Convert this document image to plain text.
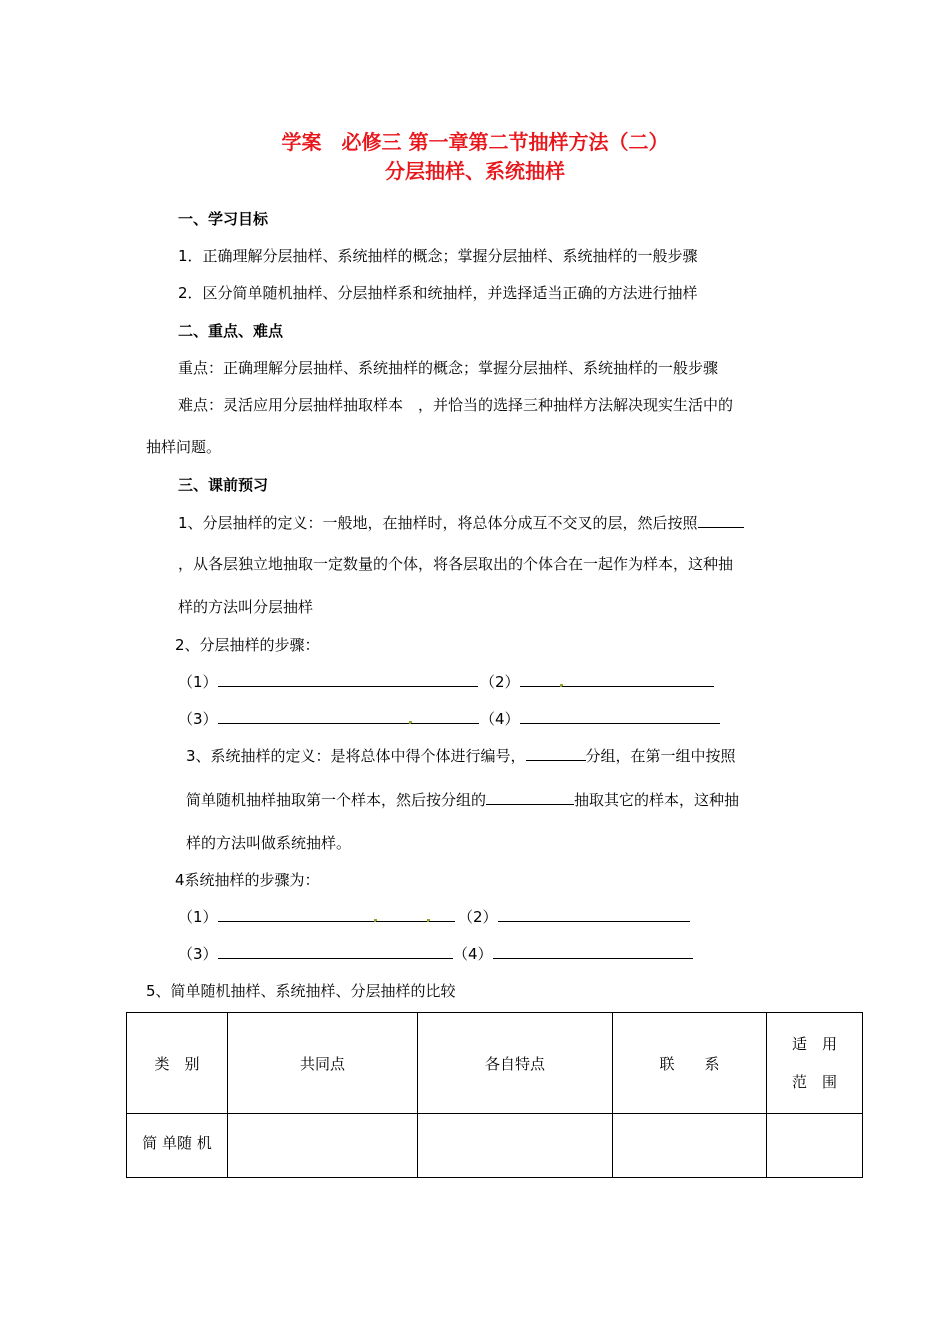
学案　必修三 第一章第二节抽样方法（二）
分层抽样、系统抽样
一、学习目标
1．正确理解分层抽样、系统抽样的概念；掌握分层抽样、系统抽样的一般步骤
2．区分简单随机抽样、分层抽样系和统抽样，并选择适当正确的方法进行抽样
二、重点、难点
重点：正确理解分层抽样、系统抽样的概念；掌握分层抽样、系统抽样的一般步骤
难点：灵活应用分层抽样抽取样本　，并恰当的选择三种抽样方法解决现实生活中的
抽样问题。
三、课前预习
1、分层抽样的定义：一般地，在抽样时，将总体分成互不交叉的层，然后按照
，从各层独立地抽取一定数量的个体，将各层取出的个体合在一起作为样本，这种抽
样的方法叫分层抽样
2、分层抽样的步骤：
（1）	（2）
（3）	（4）
3、系统抽样的定义：是将总体中得个体进行编号，	分组，在第一组中按照
简单随机抽样抽取第一个样本，然后按分组的	抽取其它的样本，这种抽
样的方法叫做系统抽样。
4系统抽样的步骤为：
（1）	（2）
（3）	（4）
5、简单随机抽样、系统抽样、分层抽样的比较
类　别	共同点	各自特点	联　　系	适　用
范　围

简 单随 机				
